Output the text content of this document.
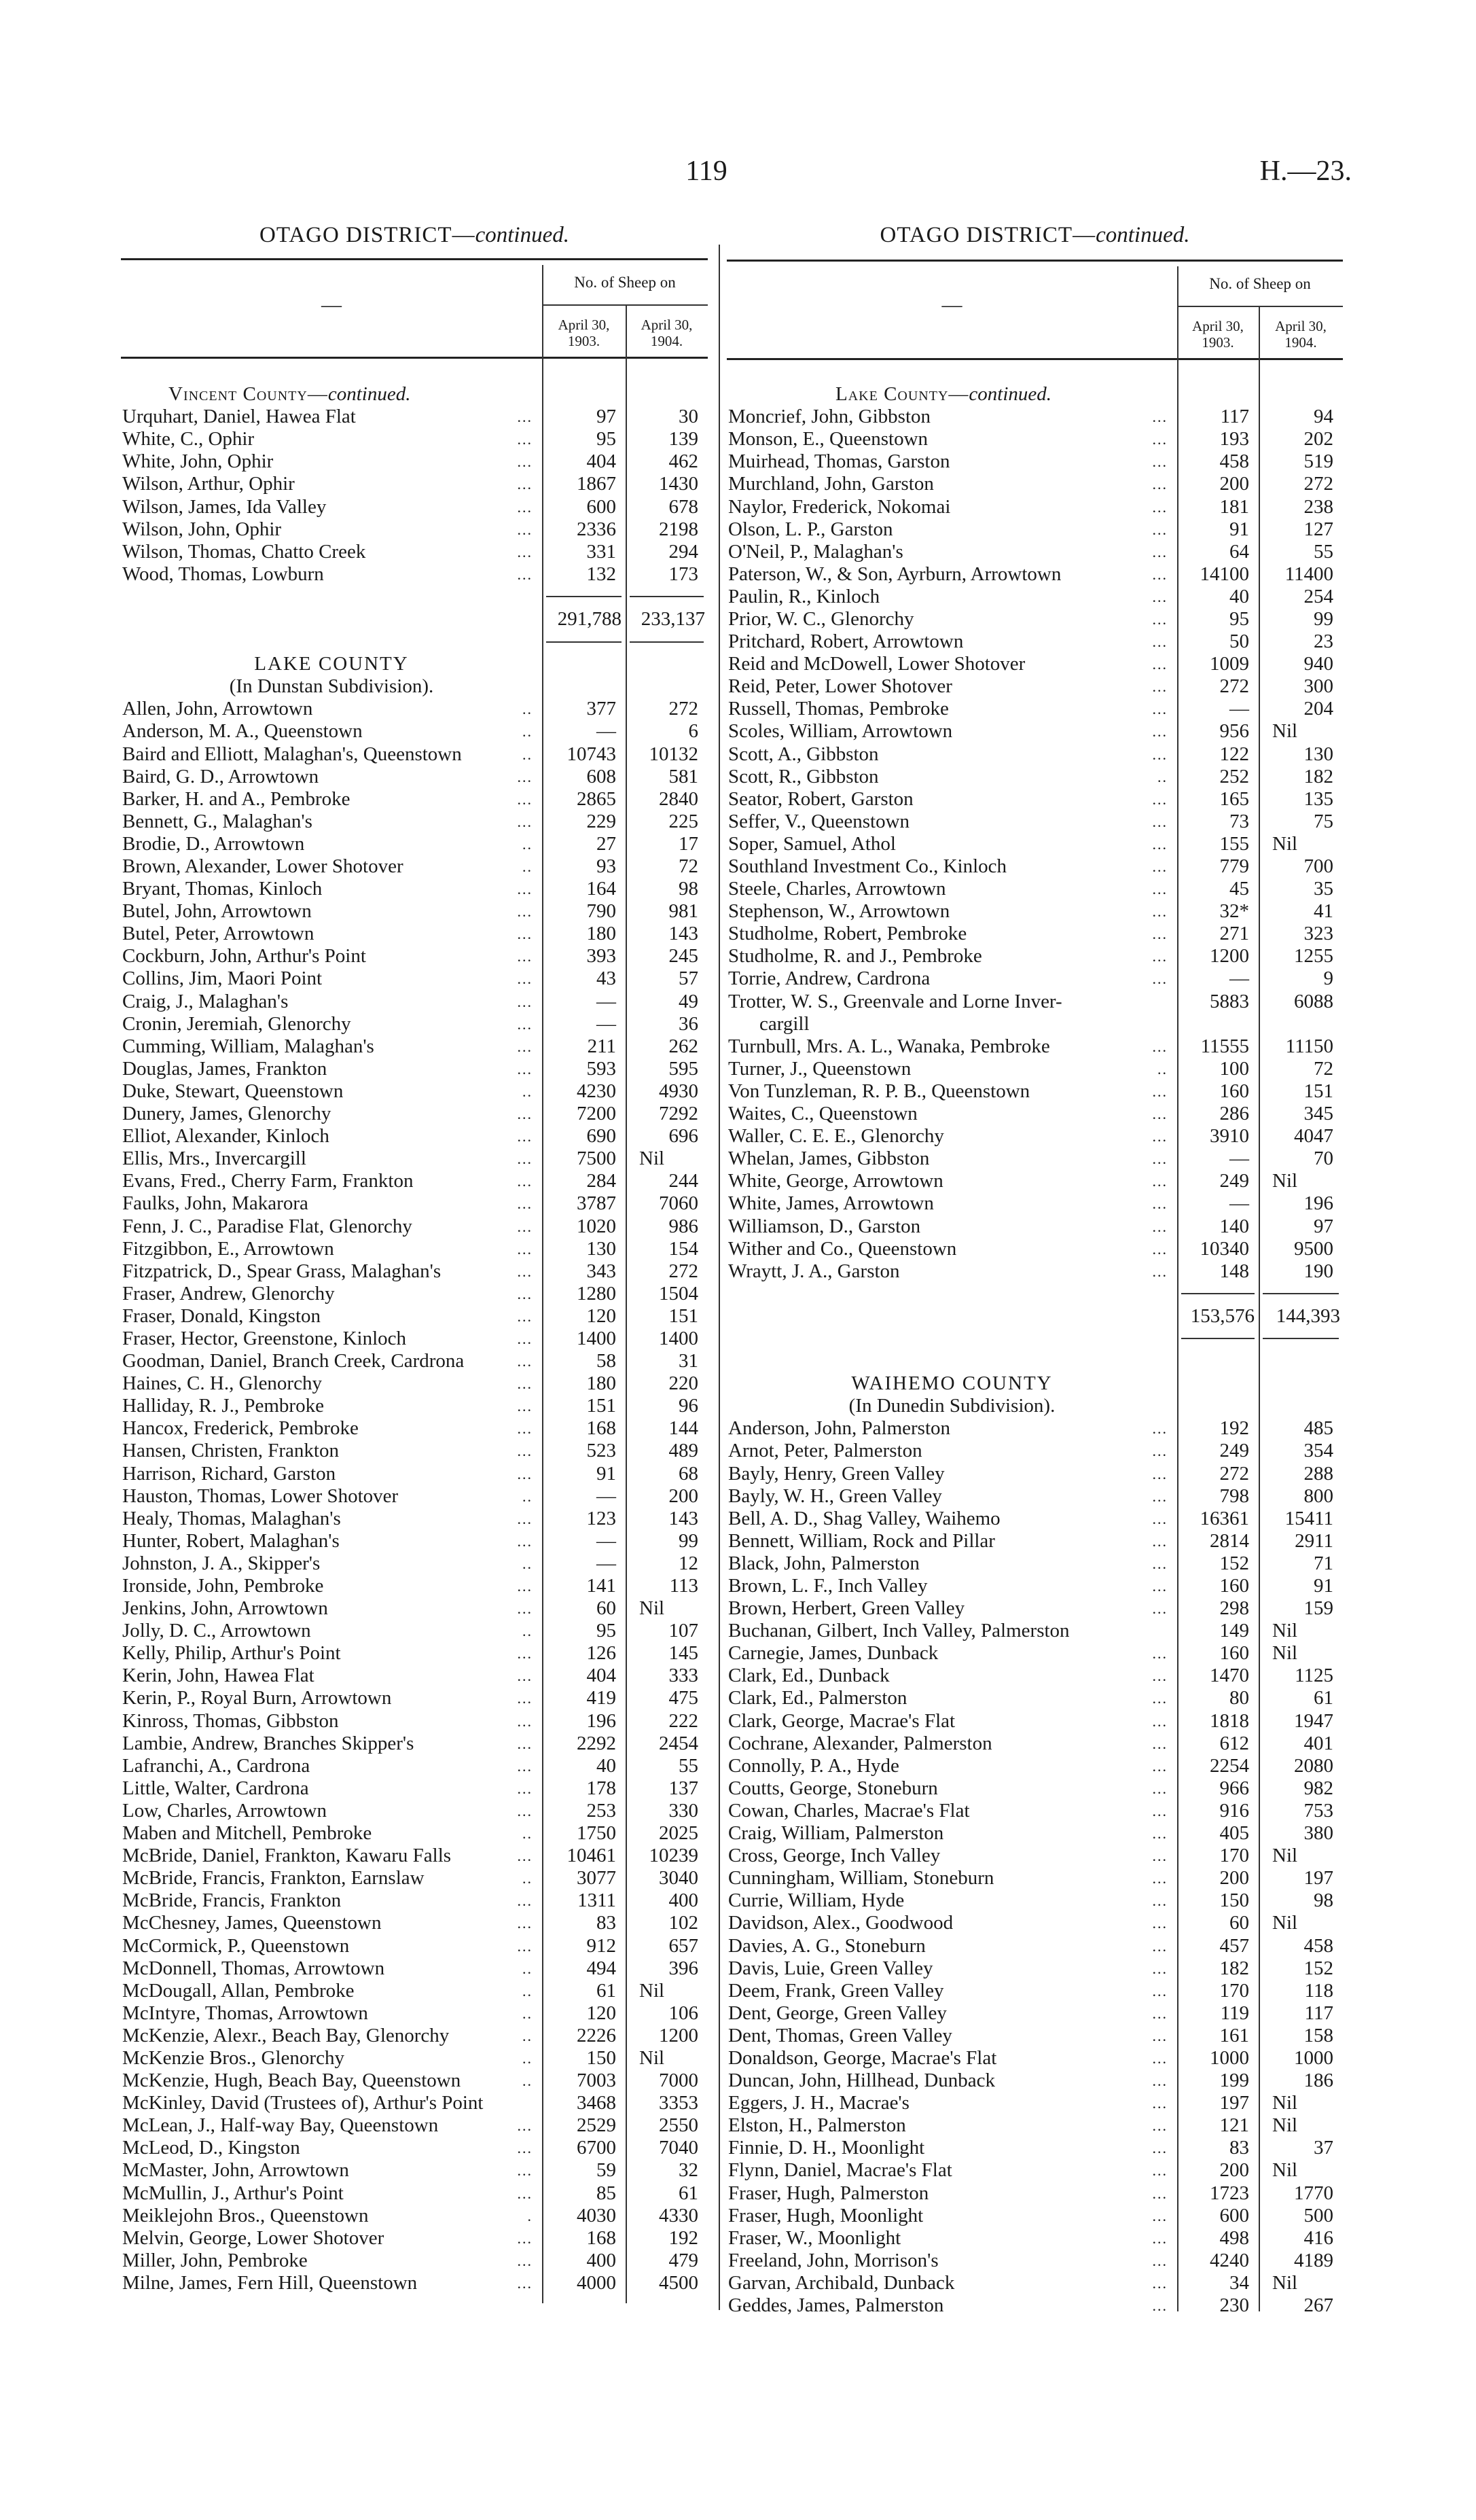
119	H.—23.
OTAGO DISTRICT—continued.
—
No. of Sheep on
April 30,
1903.
April 30,
1904.
Vincent County— continued.
Urquhart, Daniel, Hawea Flat	...	97	30
White, C., Ophir	...	95	139
White, John, Ophir	...	404	462
Wilson, Arthur, Ophir	...	1867	1430
Wilson, James, Ida Valley	...	600	678
Wilson, John, Ophir	...	2336	2198
Wilson, Thomas, Chatto Creek	...	331	294
Wood, Thomas, Lowburn	...	132	173
291,788 233,137
LAKE COUNTY
(In Dunstan Subdivision).
Allen, John, Arrowtown	..	377	272
Anderson, M. A., Queenstown	..	—	6
Baird and Elliott, Malaghan's, Queenstown	..	10743	10132
Baird, G. D., Arrowtown	...	608	581
Barker, H. and A., Pembroke	...	2865	2840
Bennett, G., Malaghan's	...	229	225
Brodie, D., Arrowtown	..	27	17
Brown, Alexander, Lower Shotover	..	93	72
Bryant, Thomas, Kinloch	...	164	98
Butel, John, Arrowtown	...	790	981
Butel, Peter, Arrowtown	...	180	143
Cockburn, John, Arthur's Point	...	393	245
Collins, Jim, Maori Point	...	43	57
Craig, J., Malaghan's	...	—	49
Cronin, Jeremiah, Glenorchy	...	—	36
Cumming, William, Malaghan's	...	211	262
Douglas, James, Frankton	...	593	595
Duke, Stewart, Queenstown	..	4230	4930
Dunery, James, Glenorchy	...	7200	7292
Elliot, Alexander, Kinloch	...	690	696
Ellis, Mrs., Invercargill	...	7500	Nil
Evans, Fred., Cherry Farm, Frankton	...	284	244
Faulks, John, Makarora	...	3787	7060
Fenn, J. C., Paradise Flat, Glenorchy	...	1020	986
Fitzgibbon, E., Arrowtown	...	130	154
Fitzpatrick, D., Spear Grass, Malaghan's	...	343	272
Fraser, Andrew, Glenorchy	...	1280	1504
Fraser, Donald, Kingston	...	120	151
Fraser, Hector, Greenstone, Kinloch	...	1400	1400
Goodman, Daniel, Branch Creek, Cardrona	...	58	31
Haines, C. H., Glenorchy	...	180	220
Halliday, R. J., Pembroke	...	151	96
Hancox, Frederick, Pembroke	...	168	144
Hansen, Christen, Frankton	...	523	489
Harrison, Richard, Garston	...	91	68
Hauston, Thomas, Lower Shotover	..	—	200
Healy, Thomas, Malaghan's	...	123	143
Hunter, Robert, Malaghan's	...	—	99
Johnston, J. A., Skipper's	..	—	12
Ironside, John, Pembroke	...	141	113
Jenkins, John, Arrowtown	...	60	Nil
Jolly, D. C., Arrowtown	..	95	107
Kelly, Philip, Arthur's Point	...	126	145
Kerin, John, Hawea Flat	...	404	333
Kerin, P., Royal Burn, Arrowtown	...	419	475
Kinross, Thomas, Gibbston	...	196	222
Lambie, Andrew, Branches Skipper's	...	2292	2454
Lafranchi, A., Cardrona	...	40	55
Little, Walter, Cardrona	...	178	137
Low, Charles, Arrowtown	...	253	330
Maben and Mitchell, Pembroke	..	1750	2025
McBride, Daniel, Frankton, Kawaru Falls	...	10461	10239
McBride, Francis, Frankton, Earnslaw	..	3077	3040
McBride, Francis, Frankton	...	1311	400
McChesney, James, Queenstown	...	83	102
McCormick, P., Queenstown	...	912	657
McDonnell, Thomas, Arrowtown	..	494	396
McDougall, Allan, Pembroke	..	61	Nil
McIntyre, Thomas, Arrowtown	..	120	106
McKenzie, Alexr., Beach Bay, Glenorchy	..	2226	1200
McKenzie Bros., Glenorchy	..	150	Nil
McKenzie, Hugh, Beach Bay, Queenstown	..	7003	7000
McKinley, David (Trustees of), Arthur's Point	3468	3353
McLean, J., Half-way Bay, Queenstown	...	2529	2550
McLeod, D., Kingston	...	6700	7040
McMaster, John, Arrowtown	...	59	32
McMullin, J., Arthur's Point	...	85	61
Meiklejohn Bros., Queenstown	.	4030	4330
Melvin, George, Lower Shotover	...	168	192
Miller, John, Pembroke	...	400	479
Milne, James, Fern Hill, Queenstown	...	4000	4500
OTAGO DISTRICT—continued.
—
No. of Sheep on
April 30,
1903.
April 30,
1904.
Lake County— continued.
Moncrief, John, Gibbston	...	117	94
Monson, E., Queenstown	...	193	202
Muirhead, Thomas, Garston	...	458	519
Murchland, John, Garston	...	200	272
Naylor, Frederick, Nokomai	...	181	238
Olson, L. P., Garston	...	91	127
O'Neil, P., Malaghan's	...	64	55
Paterson, W., & Son, Ayrburn, Arrowtown	...	14100	11400
Paulin, R., Kinloch	...	40	254
Prior, W. C., Glenorchy	...	95	99
Pritchard, Robert, Arrowtown	...	50	23
Reid and McDowell, Lower Shotover	...	1009	940
Reid, Peter, Lower Shotover	...	272	300
Russell, Thomas, Pembroke	...	—	204
Scoles, William, Arrowtown	...	956	Nil
Scott, A., Gibbston	...	122	130
Scott, R., Gibbston	..	252	182
Seator, Robert, Garston	...	165	135
Seffer, V., Queenstown	...	73	75
Soper, Samuel, Athol	...	155	Nil
Southland Investment Co., Kinloch	...	779	700
Steele, Charles, Arrowtown	...	45	35
Stephenson, W., Arrowtown	...	32*	41
Studholme, Robert, Pembroke	...	271	323
Studholme, R. and J., Pembroke	...	1200	1255
Torrie, Andrew, Cardrona	...	—	9
Trotter, W. S., Greenvale and Lorne Inver-	5883	6088
cargill
Turnbull, Mrs. A. L., Wanaka, Pembroke	...	11555	11150
Turner, J., Queenstown	..	100	72
Von Tunzleman, R. P. B., Queenstown	...	160	151
Waites, C., Queenstown	...	286	345
Waller, C. E. E., Glenorchy	...	3910	4047
Whelan, James, Gibbston	...	—	70
White, George, Arrowtown	...	249	Nil
White, James, Arrowtown	...	—	196
Williamson, D., Garston	...	140	97
Wither and Co., Queenstown	...	10340	9500
Wraytt, J. A., Garston	...	148	190
153,576	144,393
WAIHEMO COUNTY
(In Dunedin Subdivision).
Anderson, John, Palmerston	...	192	485
Arnot, Peter, Palmerston	...	249	354
Bayly, Henry, Green Valley	...	272	288
Bayly, W. H., Green Valley	...	798	800
Bell, A. D., Shag Valley, Waihemo	...	16361	15411
Bennett, William, Rock and Pillar	...	2814	2911
Black, John, Palmerston	...	152	71
Brown, L. F., Inch Valley	...	160	91
Brown, Herbert, Green Valley	...	298	159
Buchanan, Gilbert, Inch Valley, Palmerston	149	Nil
Carnegie, James, Dunback	...	160	Nil
Clark, Ed., Dunback	...	1470	1125
Clark, Ed., Palmerston	...	80	61
Clark, George, Macrae's Flat	...	1818	1947
Cochrane, Alexander, Palmerston	...	612	401
Connolly, P. A., Hyde	...	2254	2080
Coutts, George, Stoneburn	...	966	982
Cowan, Charles, Macrae's Flat	...	916	753
Craig, William, Palmerston	...	405	380
Cross, George, Inch Valley	...	170	Nil
Cunningham, William, Stoneburn	...	200	197
Currie, William, Hyde	...	150	98
Davidson, Alex., Goodwood	...	60	Nil
Davies, A. G., Stoneburn	...	457	458
Davis, Luie, Green Valley	...	182	152
Deem, Frank, Green Valley	...	170	118
Dent, George, Green Valley	...	119	117
Dent, Thomas, Green Valley	...	161	158
Donaldson, George, Macrae's Flat	...	1000	1000
Duncan, John, Hillhead, Dunback	...	199	186
Eggers, J. H., Macrae's	...	197	Nil
Elston, H., Palmerston	...	121	Nil
Finnie, D. H., Moonlight	...	83	37
Flynn, Daniel, Macrae's Flat	...	200	Nil
Fraser, Hugh, Palmerston	...	1723	1770
Fraser, Hugh, Moonlight	...	600	500
Fraser, W., Moonlight	...	498	416
Freeland, John, Morrison's	...	4240	4189
Garvan, Archibald, Dunback	...	34	Nil
Geddes, James, Palmerston	...	230	267
